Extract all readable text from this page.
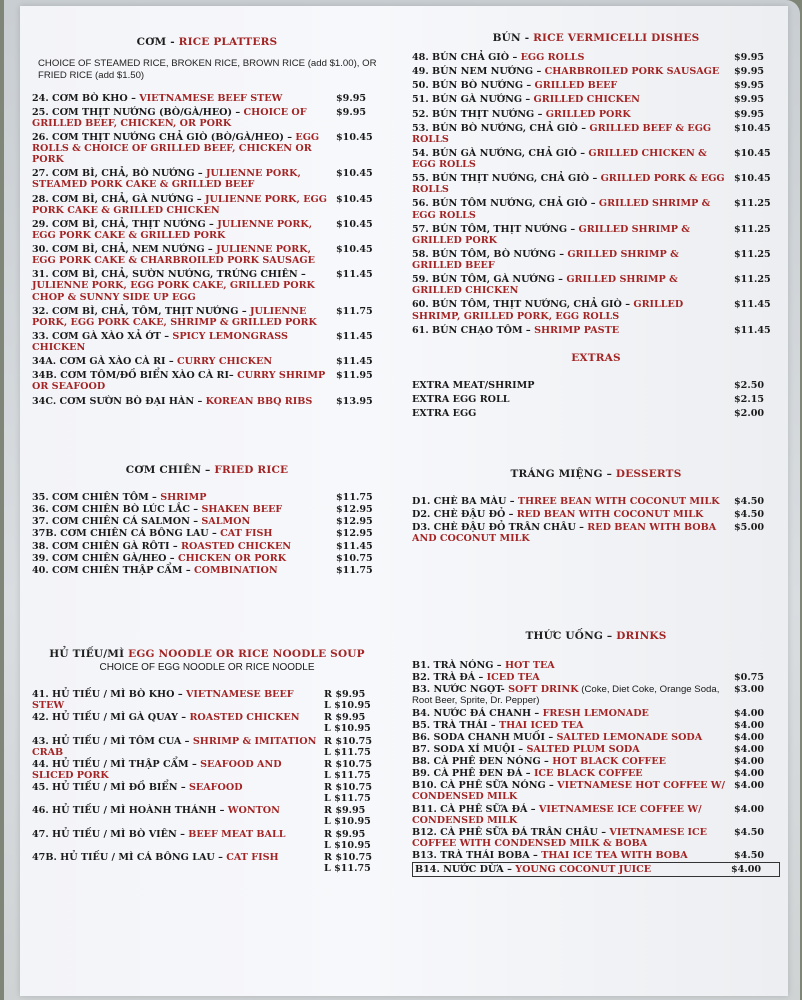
CƠM - RICE PLATTERS
CHOICE OF STEAMED RICE, BROKEN RICE, BROWN RICE (add $1.00), OR FRIED RICE (add $1.50)
24. CƠM BÒ KHO – VIETNAMESE BEEF STEW	$9.95
25. CƠM THỊT NƯỚNG (BÒ/GÀ/HEO) – CHOICE OF GRILLED BEEF, CHICKEN, OR PORK
$9.95
26. CƠM THỊT NƯỚNG CHẢ GIÒ (BÒ/GÀ/HEO) – EGG ROLLS & CHOICE OF GRILLED BEEF, CHICKEN OR PORK
$10.45
27. CƠM BÌ, CHẢ, BÒ NƯỚNG – JULIENNE PORK, STEAMED PORK CAKE & GRILLED BEEF
$10.45
28. CƠM BÌ, CHẢ, GÀ NƯỚNG – JULIENNE PORK, EGG PORK CAKE & GRILLED CHICKEN
$10.45
29. CƠM BÌ, CHẢ, THỊT NƯỚNG – JULIENNE PORK, EGG PORK CAKE & GRILLED PORK
$10.45
30. CƠM BÌ, CHẢ, NEM NƯỚNG – JULIENNE PORK, EGG PORK CAKE & CHARBROILED PORK SAUSAGE
$10.45
31. CƠM BÌ, CHẢ, SƯỜN NƯỚNG, TRỨNG CHIÊN – JULIENNE PORK, EGG PORK CAKE, GRILLED PORK CHOP & SUNNY SIDE UP EGG
$11.45
32. CƠM BÌ, CHẢ, TÔM, THỊT NƯỚNG – JULIENNE PORK, EGG PORK CAKE, SHRIMP & GRILLED PORK
$11.75
33. CƠM GÀ XÀO XẢ ỚT – SPICY LEMONGRASS CHICKEN
$11.45
34A. CƠM GÀ XÀO CÀ RI – CURRY CHICKEN	$11.45
34B. CƠM TÔM/ĐỒ BIỂN XÀO CÀ RI– CURRY SHRIMP OR SEAFOOD
$11.95
34C. CƠM SƯỜN BÒ ĐẠI HÀN – KOREAN BBQ RIBS	$13.95
CƠM CHIÊN – FRIED RICE
35. CƠM CHIÊN TÔM – SHRIMP	$11.75
36. CƠM CHIÊN BÒ LÚC LẮC – SHAKEN BEEF	$12.95
37. CƠM CHIÊN CÁ SALMON – SALMON	$12.95
37B. CƠM CHIÊN CÁ BÔNG LAU – CAT FISH	$12.95
38. CƠM CHIÊN GÀ RÔTI – ROASTED CHICKEN	$11.45
39. CƠM CHIÊN GÀ/HEO – CHICKEN OR PORK	$10.75
40. CƠM CHIÊN THẬP CẨM – COMBINATION	$11.75
HỦ TIẾU/MÌ EGG NOODLE OR RICE NOODLE SOUP
CHOICE OF EGG NOODLE OR RICE NOODLE
41. HỦ TIẾU / MÌ BÒ KHO – VIETNAMESE BEEF STEW
R $9.95
L $10.95
42. HỦ TIẾU / MÌ GÀ QUAY – ROASTED CHICKEN	R $9.95
L $10.95
43. HỦ TIẾU / MÌ TÔM CUA – SHRIMP & IMITATION CRAB
R $10.75
L $11.75
44. HỦ TIẾU / MÌ THẬP CẨM – SEAFOOD AND SLICED PORK
R $10.75
L $11.75
45. HỦ TIẾU / MÌ ĐỒ BIỂN – SEAFOOD	R $10.75
L $11.75
46. HỦ TIẾU / MÌ HOÀNH THÁNH – WONTON	R $9.95
L $10.95
47. HỦ TIẾU / MÌ BÒ VIÊN – BEEF MEAT BALL	R $9.95
L $10.95
47B. HỦ TIẾU / MÌ CÁ BÔNG LAU – CAT FISH	R $10.75
L $11.75
BÚN - RICE VERMICELLI DISHES
48. BÚN CHẢ GIÒ – EGG ROLLS	$9.95
49. BÚN NEM NƯỚNG – CHARBROILED PORK SAUSAGE	$9.95
50. BÚN BÒ NƯỚNG – GRILLED BEEF	$9.95
51. BÚN GÀ NƯỚNG – GRILLED CHICKEN	$9.95
52. BÚN THỊT NƯỚNG – GRILLED PORK	$9.95
53. BÚN BÒ NƯỚNG, CHẢ GIÒ – GRILLED BEEF & EGG ROLLS
$10.45
54. BÚN GÀ NƯỚNG, CHẢ GIÒ – GRILLED CHICKEN & EGG ROLLS
$10.45
55. BÚN THỊT NƯỚNG, CHẢ GIÒ – GRILLED PORK & EGG ROLLS
$10.45
56. BÚN TÔM NƯỚNG, CHẢ GIÒ – GRILLED SHRIMP & EGG ROLLS
$11.25
57. BÚN TÔM, THỊT NƯỚNG – GRILLED SHRIMP & GRILLED PORK
$11.25
58. BÚN TÔM, BÒ NƯỚNG – GRILLED SHRIMP & GRILLED BEEF
$11.25
59. BÚN TÔM, GÀ NƯỚNG – GRILLED SHRIMP & GRILLED CHICKEN
$11.25
60. BÚN TÔM, THỊT NƯỚNG, CHẢ GIÒ – GRILLED SHRIMP, GRILLED PORK, EGG ROLLS
$11.45
61. BÚN CHẠO TÔM – SHRIMP PASTE	$11.45
EXTRAS
EXTRA MEAT/SHRIMP	$2.50
EXTRA EGG ROLL	$2.15
EXTRA EGG	$2.00
TRÁNG MIỆNG – DESSERTS
D1. CHÈ BA MÀU – THREE BEAN WITH COCONUT MILK	$4.50
D2. CHÈ ĐẬU ĐỎ – RED BEAN WITH COCONUT MILK	$4.50
D3. CHÈ ĐẬU ĐỎ TRÂN CHÂU – RED BEAN WITH BOBA AND COCONUT MILK
$5.00
THỨC UỐNG – DRINKS
B1. TRÀ NÓNG – HOT TEA
B2. TRÀ ĐÁ – ICED TEA	$0.75
B3. NƯỚC NGỌT- SOFT DRINK (Coke, Diet Coke, Orange Soda, Root Beer, Sprite, Dr. Pepper)
$3.00
B4. NƯỚC ĐÁ CHANH – FRESH LEMONADE	$4.00
B5. TRÀ THÁI – THAI ICED TEA	$4.00
B6. SODA CHANH MUỐI – SALTED LEMONADE SODA	$4.00
B7. SODA XÍ MUỘI – SALTED PLUM SODA	$4.00
B8. CÀ PHÊ ĐEN NÓNG – HOT BLACK COFFEE	$4.00
B9. CÀ PHÊ ĐEN ĐÁ – ICE BLACK COFFEE	$4.00
B10. CÀ PHÊ SỮA NÓNG – VIETNAMESE HOT COFFEE W/ CONDENSED MILK
$4.00
B11. CÀ PHÊ SỮA ĐÁ – VIETNAMESE ICE COFFEE W/ CONDENSED MILK
$4.00
B12. CÀ PHÊ SỮA ĐÁ TRÂN CHÂU – VIETNAMESE ICE COFFEE WITH CONDENSED MILK & BOBA
$4.50
B13. TRÀ THÁI BOBA – THAI ICE TEA WITH BOBA	$4.50
B14. NƯỚC DỪA – YOUNG COCONUT JUICE	$4.00
